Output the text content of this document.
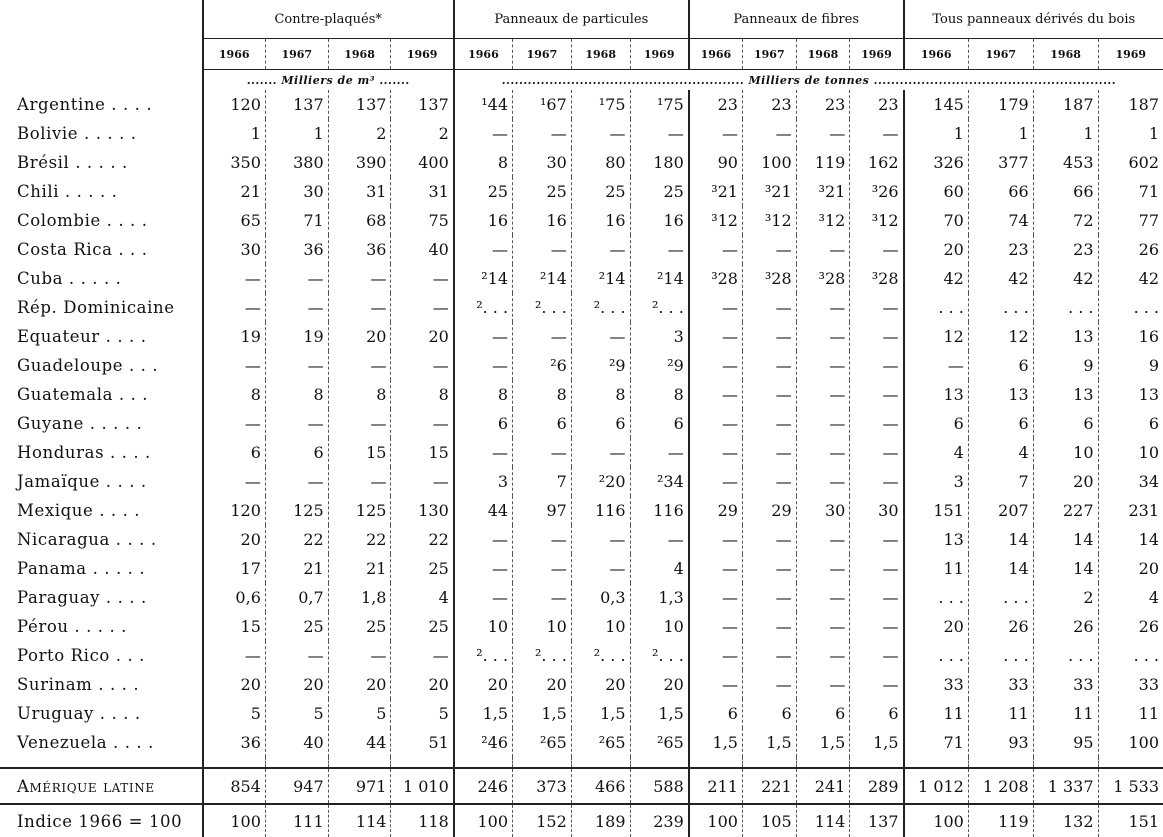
	Contre-plaqués*				Panneaux de particules				Panneaux de fibres				Tous panneaux dérivés du bois			
	1966	1967	1968	1969	1966	1967	1968	1969	1966	1967	1968	1969	1966	1967	1968	1969
	....... Milliers de m³ .......				........................................................ Milliers de tonnes ........................................................											
Argentine . . . .	120	137	137	137	¹44	¹67	¹75	¹75	23	23	23	23	145	179	187	187
Bolivie . . . . .	1	1	2	2	—	—	—	—	—	—	—	—	1	1	1	1
Brésil . . . . .	350	380	390	400	8	30	80	180	90	100	119	162	326	377	453	602
Chili . . . . .	21	30	31	31	25	25	25	25	³21	³21	³21	³26	60	66	66	71
Colombie . . . .	65	71	68	75	16	16	16	16	³12	³12	³12	³12	70	74	72	77
Costa Rica . . .	30	36	36	40	—	—	—	—	—	—	—	—	20	23	23	26
Cuba . . . . .	—	—	—	—	²14	²14	²14	²14	³28	³28	³28	³28	42	42	42	42
Rép. Dominicaine	—	—	—	—	². . .	². . .	². . .	². . .	—	—	—	—	. . .	. . .	. . .	. . .
Equateur . . . .	19	19	20	20	—	—	—	3	—	—	—	—	12	12	13	16
Guadeloupe . . .	—	—	—	—	—	²6	²9	²9	—	—	—	—	—	6	9	9
Guatemala . . .	8	8	8	8	8	8	8	8	—	—	—	—	13	13	13	13
Guyane . . . . .	—	—	—	—	6	6	6	6	—	—	—	—	6	6	6	6
Honduras . . . .	6	6	15	15	—	—	—	—	—	—	—	—	4	4	10	10
Jamaïque . . . .	—	—	—	—	3	7	²20	²34	—	—	—	—	3	7	20	34
Mexique . . . .	120	125	125	130	44	97	116	116	29	29	30	30	151	207	227	231
Nicaragua . . . .	20	22	22	22	—	—	—	—	—	—	—	—	13	14	14	14
Panama . . . . .	17	21	21	25	—	—	—	4	—	—	—	—	11	14	14	20
Paraguay . . . .	0,6	0,7	1,8	4	—	—	0,3	1,3	—	—	—	—	. . .	. . .	2	4
Pérou . . . . .	15	25	25	25	10	10	10	10	—	—	—	—	20	26	26	26
Porto Rico . . .	—	—	—	—	². . .	². . .	². . .	². . .	—	—	—	—	. . .	. . .	. . .	. . .
Surinam . . . .	20	20	20	20	20	20	20	20	—	—	—	—	33	33	33	33
Uruguay . . . .	5	5	5	5	1,5	1,5	1,5	1,5	6	6	6	6	11	11	11	11
Venezuela . . . .	36	40	44	51	²46	²65	²65	²65	1,5	1,5	1,5	1,5	71	93	95	100

Amérique latine	854	947	971	1 010	246	373	466	588	211	221	241	289	1 012	1 208	1 337	1 533
Indice 1966 = 100	100	111	114	118	100	152	189	239	100	105	114	137	100	119	132	151
